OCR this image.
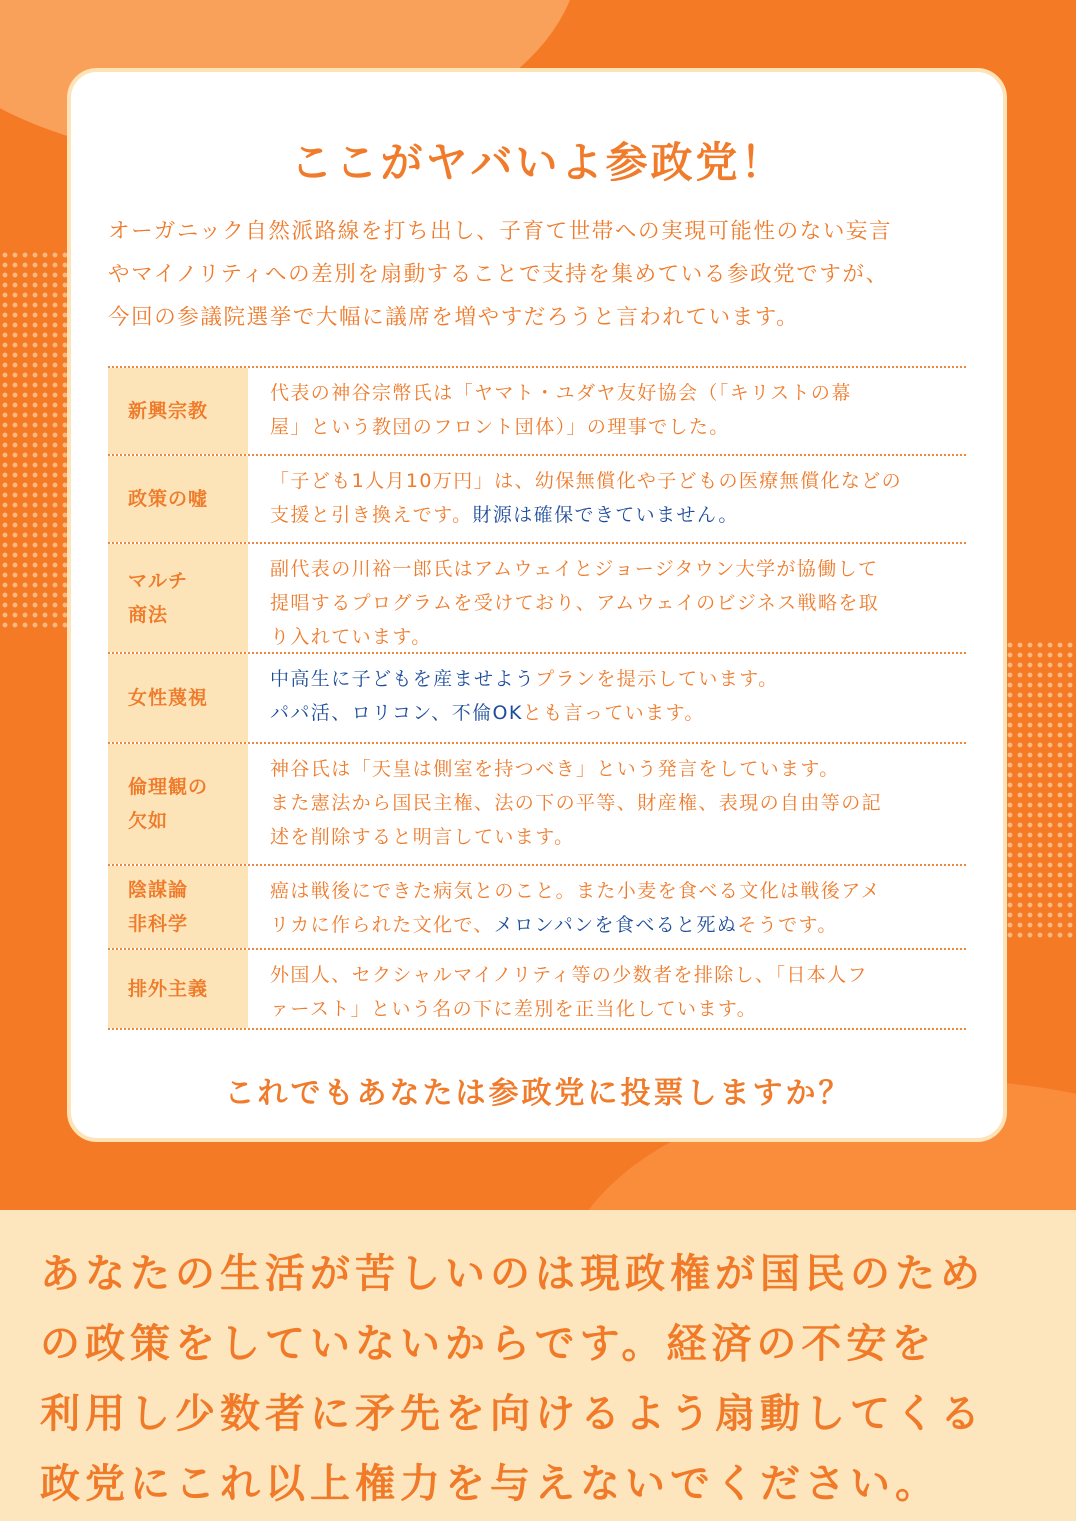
ここがヤバいよ参政党！
オーガニック自然派路線を打ち出し、子育て世帯への実現可能性のない妄言
やマイノリティへの差別を扇動することで支持を集めている参政党ですが、
今回の参議院選挙で大幅に議席を増やすだろうと言われています。
新興宗教
代表の神谷宗幣氏は「ヤマト・ユダヤ友好協会（「キリストの幕
屋」という教団のフロント団体）」の理事でした。
政策の嘘
「子ども1人月10万円」は、幼保無償化や子どもの医療無償化などの
支援と引き換えです。財源は確保できていません。
マルチ
商法
副代表の川裕一郎氏はアムウェイとジョージタウン大学が協働して
提唱するプログラムを受けており、アムウェイのビジネス戦略を取
り入れています。
女性蔑視
中高生に子どもを産ませようプランを提示しています。
パパ活、ロリコン、不倫OKとも言っています。
倫理観の
欠如
神谷氏は「天皇は側室を持つべき」という発言をしています。
また憲法から国民主権、法の下の平等、財産権、表現の自由等の記
述を削除すると明言しています。
陰謀論
非科学
癌は戦後にできた病気とのこと。また小麦を食べる文化は戦後アメ
リカに作られた文化で、メロンパンを食べると死ぬそうです。
排外主義
外国人、セクシャルマイノリティ等の少数者を排除し、「日本人フ
ァースト」という名の下に差別を正当化しています。
これでもあなたは参政党に投票しますか？
あなたの生活が苦しいのは現政権が国民のため
の政策をしていないからです。経済の不安を
利用し少数者に矛先を向けるよう扇動してくる
政党にこれ以上権力を与えないでください。
